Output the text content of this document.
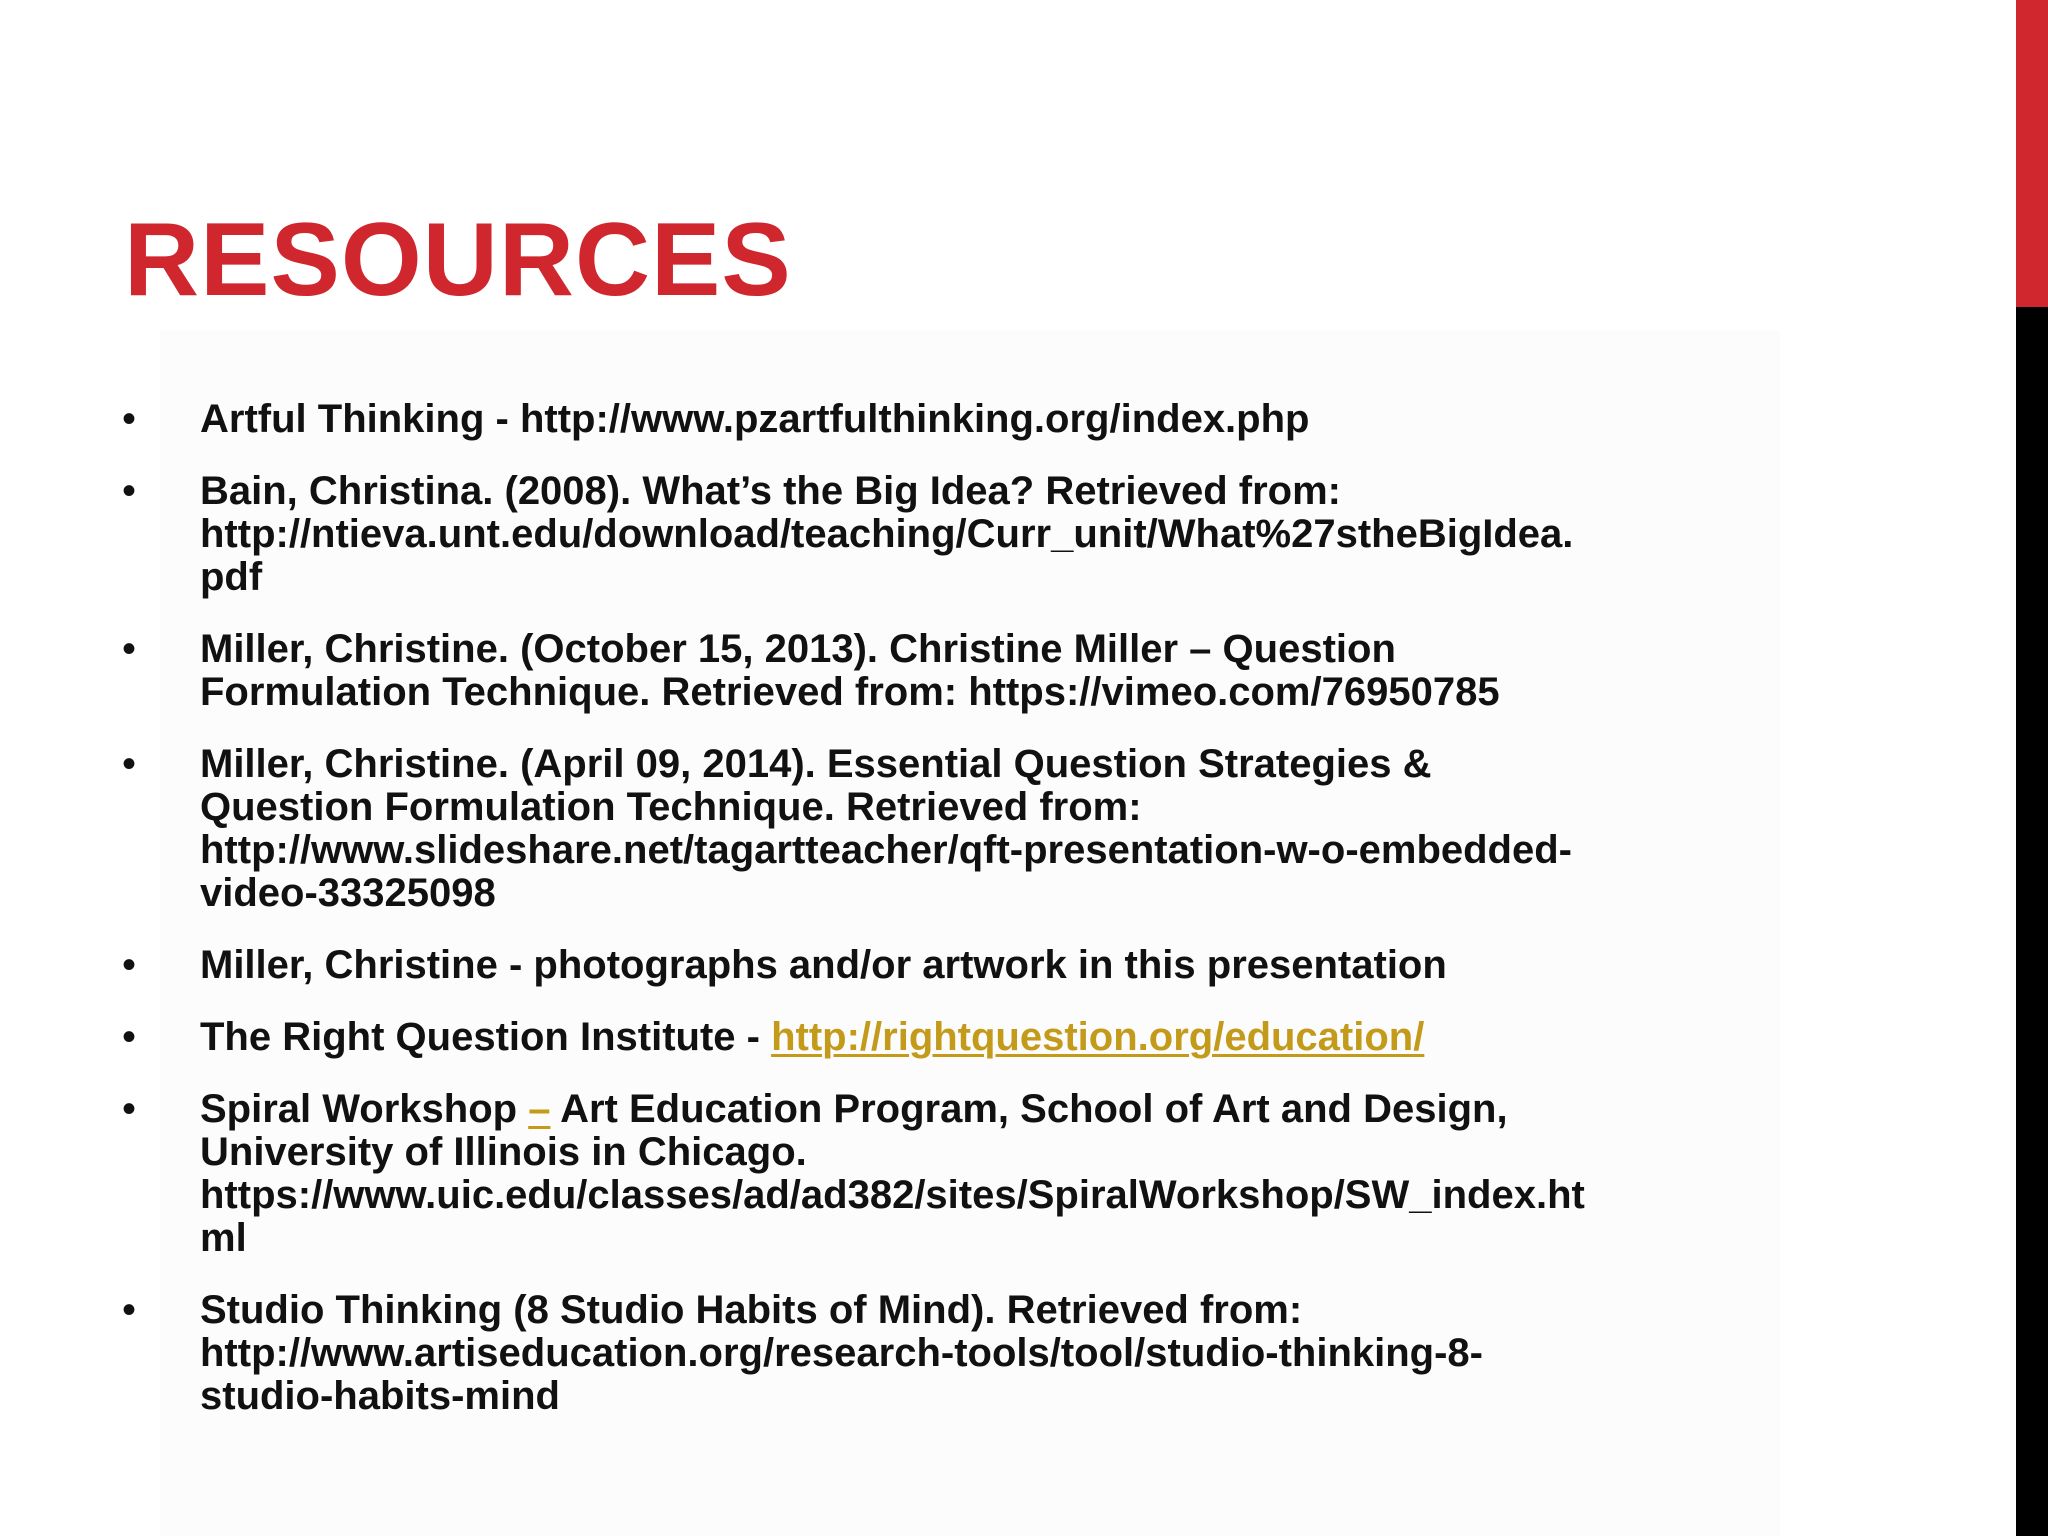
RESOURCES
•	Artful Thinking - http://www.pzartfulthinking.org/index.php
•	Bain, Christina. (2008). What’s the Big Idea? Retrieved from:
http://ntieva.unt.edu/download/teaching/Curr_unit/What%27stheBigIdea.
pdf
•	Miller, Christine. (October 15, 2013). Christine Miller – Question
Formulation Technique. Retrieved from: https://vimeo.com/76950785
•	Miller, Christine. (April 09, 2014). Essential Question Strategies &
Question Formulation Technique. Retrieved from:
http://www.slideshare.net/tagartteacher/qft-presentation-w-o-embedded-
video-33325098
•	Miller, Christine - photographs and/or artwork in this presentation
•	The Right Question Institute - http://rightquestion.org/education/
•	Spiral Workshop – Art Education Program, School of Art and Design,
University of Illinois in Chicago.
https://www.uic.edu/classes/ad/ad382/sites/SpiralWorkshop/SW_index.ht
ml
•	Studio Thinking (8 Studio Habits of Mind). Retrieved from:
http://www.artiseducation.org/research-tools/tool/studio-thinking-8-
studio-habits-mind
